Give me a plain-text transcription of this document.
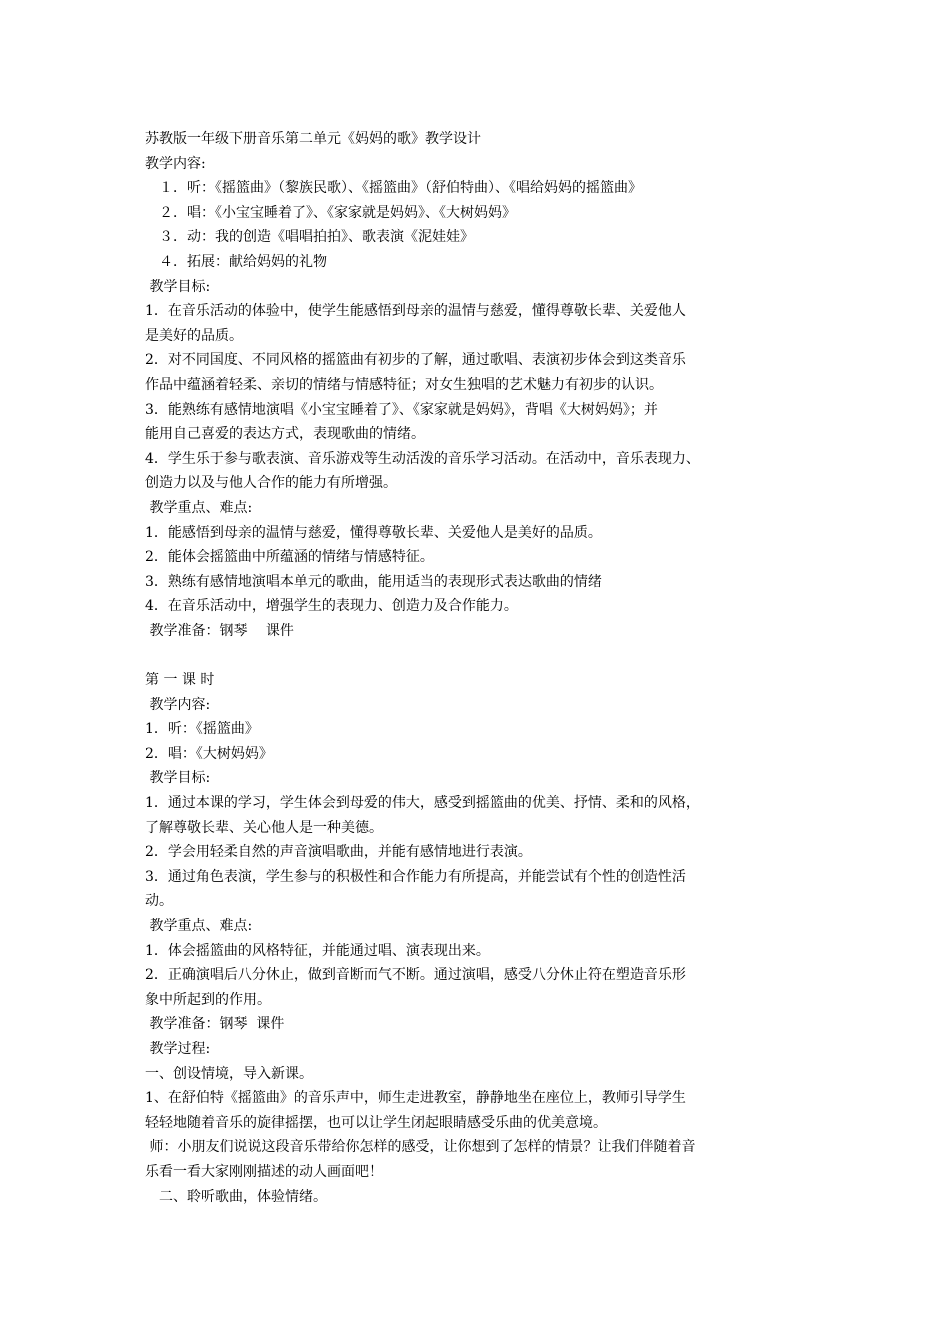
苏教版一年级下册音乐第二单元《妈妈的歌》教学设计
教学内容:
　１．听：《摇篮曲》（黎族民歌）、《摇篮曲》（舒伯特曲）、《唱给妈妈的摇篮曲》
　２．唱：《小宝宝睡着了》、《家家就是妈妈》、《大树妈妈》
　３．动：我的创造《唱唱拍拍》、歌表演《泥娃娃》
　４．拓展：献给妈妈的礼物
教学目标:
1．在音乐活动的体验中，使学生能感悟到母亲的温情与慈爱，懂得尊敬长辈、关爱他人
是美好的品质。
2．对不同国度、不同风格的摇篮曲有初步的了解，通过歌唱、表演初步体会到这类音乐
作品中蕴涵着轻柔、亲切的情绪与情感特征；对女生独唱的艺术魅力有初步的认识。
3．能熟练有感情地演唱《小宝宝睡着了》、《家家就是妈妈》，背唱《大树妈妈》；并
能用自己喜爱的表达方式，表现歌曲的情绪。
4．学生乐于参与歌表演、音乐游戏等生动活泼的音乐学习活动。在活动中，音乐表现力、
创造力以及与他人合作的能力有所增强。
教学重点、难点:
1．能感悟到母亲的温情与慈爱，懂得尊敬长辈、关爱他人是美好的品质。
2．能体会摇篮曲中所蕴涵的情绪与情感特征。
3．熟练有感情地演唱本单元的歌曲，能用适当的表现形式表达歌曲的情绪
4．在音乐活动中，增强学生的表现力、创造力及合作能力。
教学准备：钢琴　 课件
第 一 课 时
教学内容:
1．听：《摇篮曲》
2．唱：《大树妈妈》
教学目标:
1．通过本课的学习，学生体会到母爱的伟大，感受到摇篮曲的优美、抒情、柔和的风格，
了解尊敬长辈、关心他人是一种美德。
2．学会用轻柔自然的声音演唱歌曲，并能有感情地进行表演。
3．通过角色表演，学生参与的积极性和合作能力有所提高，并能尝试有个性的创造性活
动。
教学重点、难点:
1．体会摇篮曲的风格特征，并能通过唱、演表现出来。
2．正确演唱后八分休止，做到音断而气不断。通过演唱，感受八分休止符在塑造音乐形
象中所起到的作用。
教学准备：钢琴  课件
教学过程:
一、创设情境，导入新课。
1、在舒伯特《摇篮曲》的音乐声中，师生走进教室，静静地坐在座位上，教师引导学生
轻轻地随着音乐的旋律摇摆，也可以让学生闭起眼睛感受乐曲的优美意境。
师：小朋友们说说这段音乐带给你怎样的感受，让你想到了怎样的情景？让我们伴随着音
乐看一看大家刚刚描述的动人画面吧！
　二、聆听歌曲，体验情绪。
